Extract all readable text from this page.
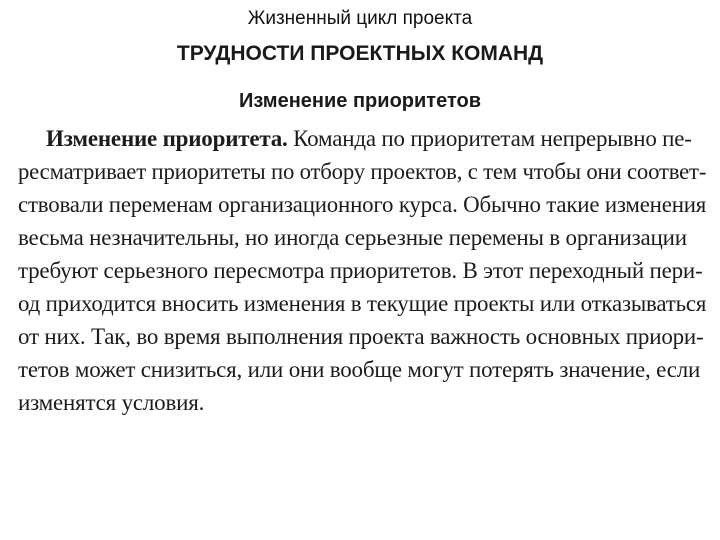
Жизненный цикл проекта
ТРУДНОСТИ ПРОЕКТНЫХ КОМАНД
Изменение приоритетов
Изменение приоритета. Команда по приоритетам непрерывно пе-
ресматривает приоритеты по отбору проектов, с тем чтобы они соответ-
ствовали переменам организационного курса. Обычно такие изменения
весьма незначительны, но иногда серьезные перемены в организации
требуют серьезного пересмотра приоритетов. В этот переходный пери-
од приходится вносить изменения в текущие проекты или отказываться
от них. Так, во время выполнения проекта важность основных приори-
тетов может снизиться, или они вообще могут потерять значение, если
изменятся условия.
